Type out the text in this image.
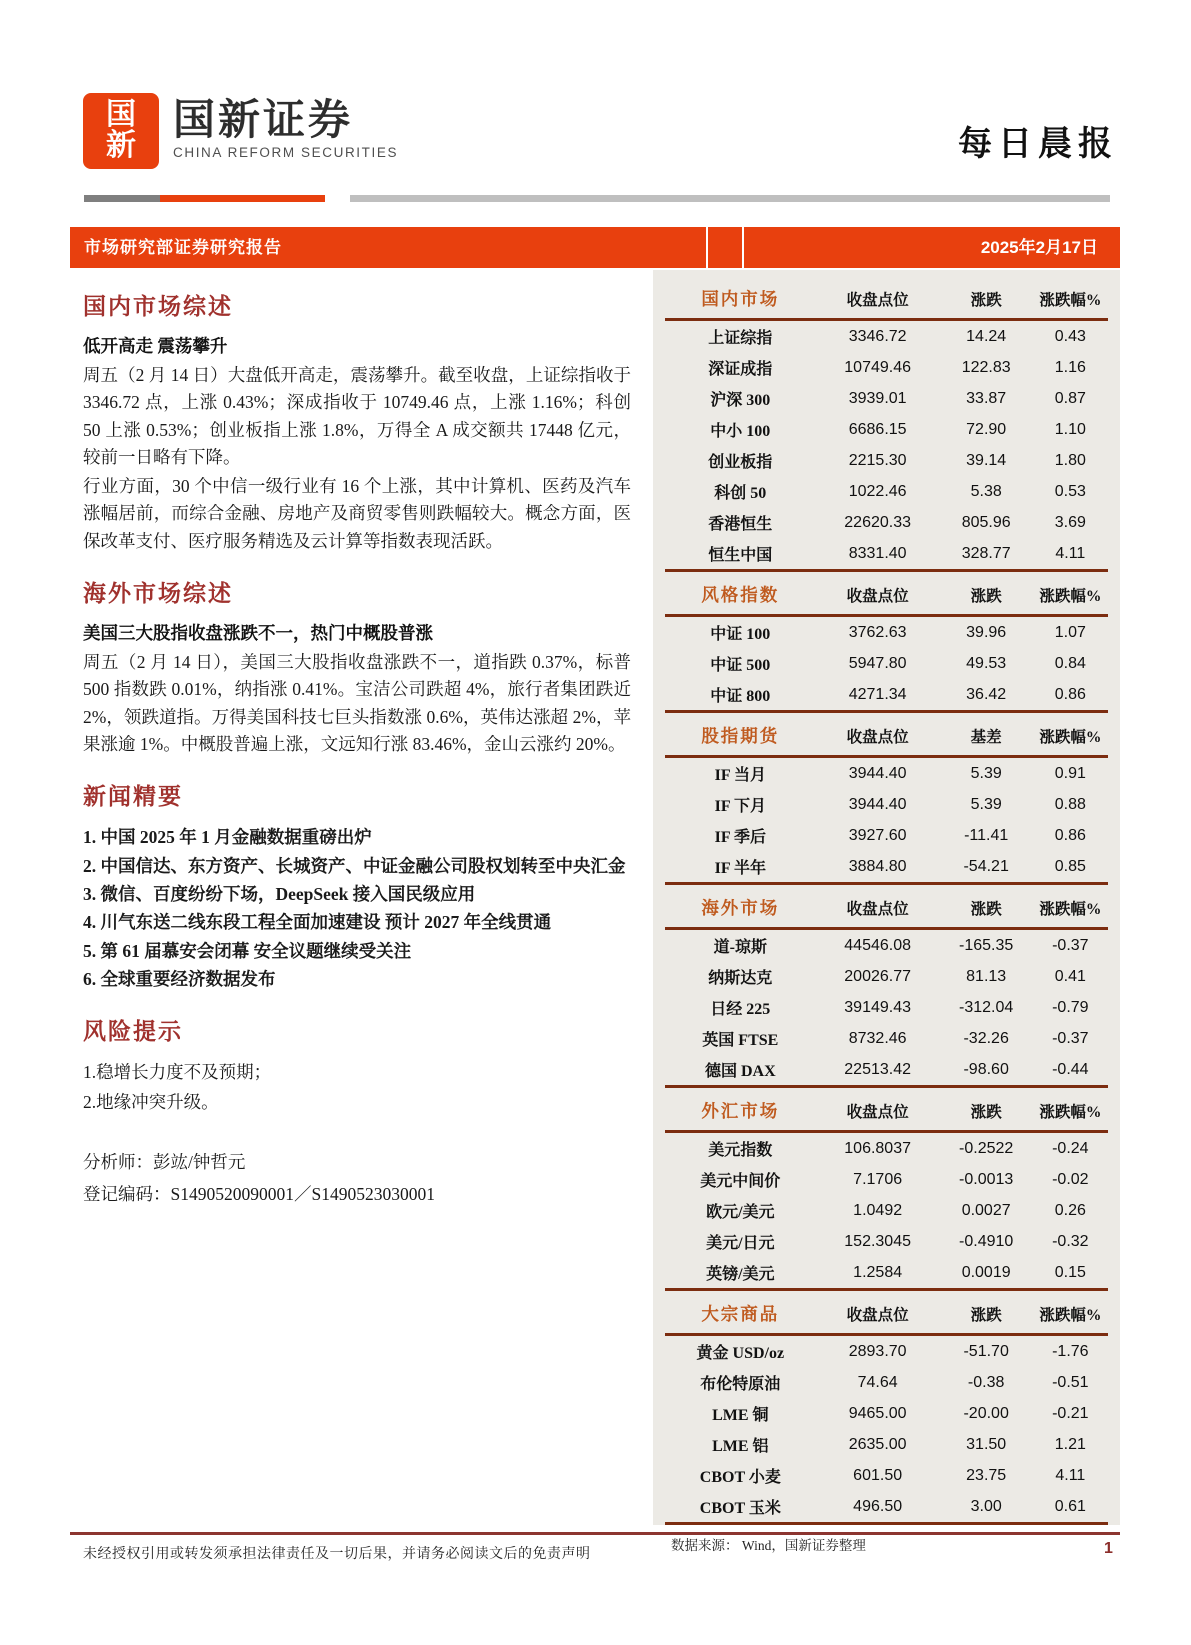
国
新
国新证券
CHINA REFORM SECURITIES	每日晨报
市场研究部证券研究报告	2025年2月17日
国内市场综述

低开高走 震荡攀升

周五（2 月 14 日）大盘低开高走，震荡攀升。截至收盘，上证综指收于 3346.72 点，上涨 0.43%；深成指收于 10749.46 点，上涨 1.16%；科创 50 上涨 0.53%；创业板指上涨 1.8%，万得全 A 成交额共 17448 亿元，较前一日略有下降。

行业方面，30 个中信一级行业有 16 个上涨，其中计算机、医药及汽车涨幅居前，而综合金融、房地产及商贸零售则跌幅较大。概念方面，医保改革支付、医疗服务精选及云计算等指数表现活跃。

海外市场综述

美国三大股指收盘涨跌不一，热门中概股普涨

周五（2 月 14 日），美国三大股指收盘涨跌不一，道指跌 0.37%，标普 500 指数跌 0.01%，纳指涨 0.41%。宝洁公司跌超 4%，旅行者集团跌近 2%，领跌道指。万得美国科技七巨头指数涨 0.6%，英伟达涨超 2%，苹果涨逾 1%。中概股普遍上涨，文远知行涨 83.46%，金山云涨约 20%。

新闻精要

1. 中国 2025 年 1 月金融数据重磅出炉

2. 中国信达、东方资产、长城资产、中证金融公司股权划转至中央汇金

3. 微信、百度纷纷下场，DeepSeek 接入国民级应用

4. 川气东送二线东段工程全面加速建设 预计 2027 年全线贯通

5. 第 61 届慕安会闭幕 安全议题继续受关注

6. 全球重要经济数据发布

风险提示

1.稳增长力度不及预期；

2.地缘冲突升级。

分析师：彭竑/钟哲元

登记编码：S1490520090001／S1490523030001

国内市场	收盘点位	涨跌	涨跌幅%
上证综指	3346.72	14.24	0.43
深证成指	10749.46	122.83	1.16
沪深 300	3939.01	33.87	0.87
中小 100	6686.15	72.90	1.10
创业板指	2215.30	39.14	1.80
科创 50	1022.46	5.38	0.53
香港恒生	22620.33	805.96	3.69
恒生中国	8331.40	328.77	4.11
风格指数	收盘点位	涨跌	涨跌幅%
中证 100	3762.63	39.96	1.07
中证 500	5947.80	49.53	0.84
中证 800	4271.34	36.42	0.86
股指期货	收盘点位	基差	涨跌幅%
IF 当月	3944.40	5.39	0.91
IF 下月	3944.40	5.39	0.88
IF 季后	3927.60	-11.41	0.86
IF 半年	3884.80	-54.21	0.85
海外市场	收盘点位	涨跌	涨跌幅%
道-琼斯	44546.08	-165.35	-0.37
纳斯达克	20026.77	81.13	0.41
日经 225	39149.43	-312.04	-0.79
英国 FTSE	8732.46	-32.26	-0.37
德国 DAX	22513.42	-98.60	-0.44
外汇市场	收盘点位	涨跌	涨跌幅%
美元指数	106.8037	-0.2522	-0.24
美元中间价	7.1706	-0.0013	-0.02
欧元/美元	1.0492	0.0027	0.26
美元/日元	152.3045	-0.4910	-0.32
英镑/美元	1.2584	0.0019	0.15
大宗商品	收盘点位	涨跌	涨跌幅%
黄金 USD/oz	2893.70	-51.70	-1.76
布伦特原油	74.64	-0.38	-0.51
LME 铜	9465.00	-20.00	-0.21
LME 铝	2635.00	31.50	1.21
CBOT 小麦	601.50	23.75	4.11
CBOT 玉米	496.50	3.00	0.61
数据来源： Wind，国新证券整理
未经授权引用或转发须承担法律责任及一切后果，并请务必阅读文后的免责声明	1
